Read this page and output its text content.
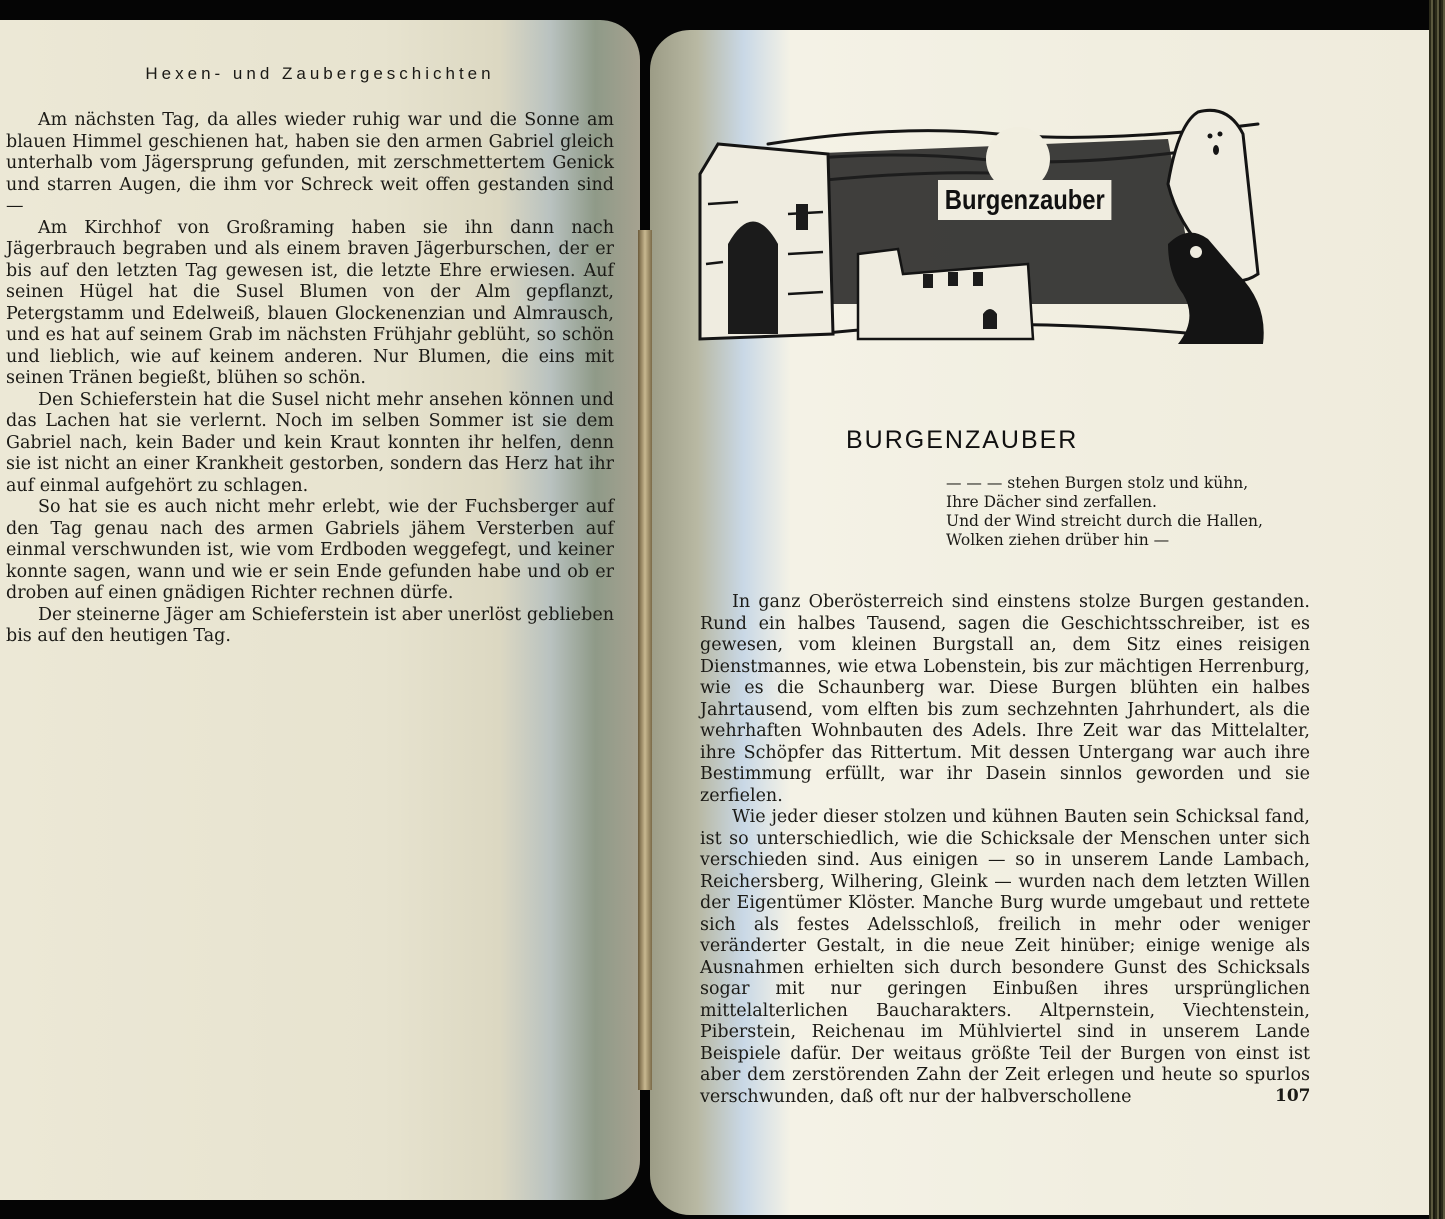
Hexen- und Zaubergeschichten

Am nächsten Tag, da alles wieder ruhig war und die Sonne am blauen Himmel geschienen hat, haben sie den armen Gabriel gleich unterhalb vom Jägersprung gefunden, mit zerschmettertem Genick und starren Augen, die ihm vor Schreck weit offen gestanden sind —

Am Kirchhof von Großraming haben sie ihn dann nach Jägerbrauch begraben und als einem braven Jägerburschen, der er bis auf den letzten Tag gewesen ist, die letzte Ehre erwiesen. Auf seinen Hügel hat die Susel Blumen von der Alm gepflanzt, Petergstamm und Edelweiß, blauen Glockenenzian und Almrausch, und es hat auf seinem Grab im nächsten Frühjahr geblüht, so schön und lieblich, wie auf keinem anderen. Nur Blumen, die eins mit seinen Tränen begießt, blühen so schön.

Den Schieferstein hat die Susel nicht mehr ansehen können und das Lachen hat sie verlernt. Noch im selben Sommer ist sie dem Gabriel nach, kein Bader und kein Kraut konnten ihr helfen, denn sie ist nicht an einer Krankheit gestorben, sondern das Herz hat ihr auf einmal aufgehört zu schlagen.

So hat sie es auch nicht mehr erlebt, wie der Fuchsberger auf den Tag genau nach des armen Gabriels jähem Versterben auf einmal verschwunden ist, wie vom Erdboden weggefegt, und keiner konnte sagen, wann und wie er sein Ende gefunden habe und ob er droben auf einen gnädigen Richter rechnen dürfe.

Der steinerne Jäger am Schieferstein ist aber unerlöst geblieben bis auf den heutigen Tag.

Burgenzauber
BURGENZAUBER
— — — stehen Burgen stolz und kühn,
Ihre Dächer sind zerfallen.
Und der Wind streicht durch die Hallen,
Wolken ziehen drüber hin —

In ganz Oberösterreich sind einstens stolze Burgen gestanden. Rund ein halbes Tausend, sagen die Geschichtsschreiber, ist es gewesen, vom kleinen Burgstall an, dem Sitz eines reisigen Dienstmannes, wie etwa Lobenstein, bis zur mächtigen Herrenburg, wie es die Schaunberg war. Diese Burgen blühten ein halbes Jahrtausend, vom elften bis zum sechzehnten Jahrhundert, als die wehrhaften Wohnbauten des Adels. Ihre Zeit war das Mittelalter, ihre Schöpfer das Rittertum. Mit dessen Untergang war auch ihre Bestimmung erfüllt, war ihr Dasein sinnlos geworden und sie zerfielen.

Wie jeder dieser stolzen und kühnen Bauten sein Schicksal fand, ist so unterschiedlich, wie die Schicksale der Menschen unter sich verschieden sind. Aus einigen — so in unserem Lande Lambach, Reichersberg, Wilhering, Gleink — wurden nach dem letzten Willen der Eigentümer Klöster. Manche Burg wurde umgebaut und rettete sich als festes Adelsschloß, freilich in mehr oder weniger veränderter Gestalt, in die neue Zeit hinüber; einige wenige als Ausnahmen erhielten sich durch besondere Gunst des Schicksals sogar mit nur geringen Einbußen ihres ursprünglichen mittelalterlichen Baucharakters. Altpernstein, Viechtenstein, Piberstein, Reichenau im Mühlviertel sind in unserem Lande Beispiele dafür. Der weitaus größte Teil der Burgen von einst ist aber dem zerstörenden Zahn der Zeit erlegen und heute so spurlos verschwunden, daß oft nur der halbverschollene	107
